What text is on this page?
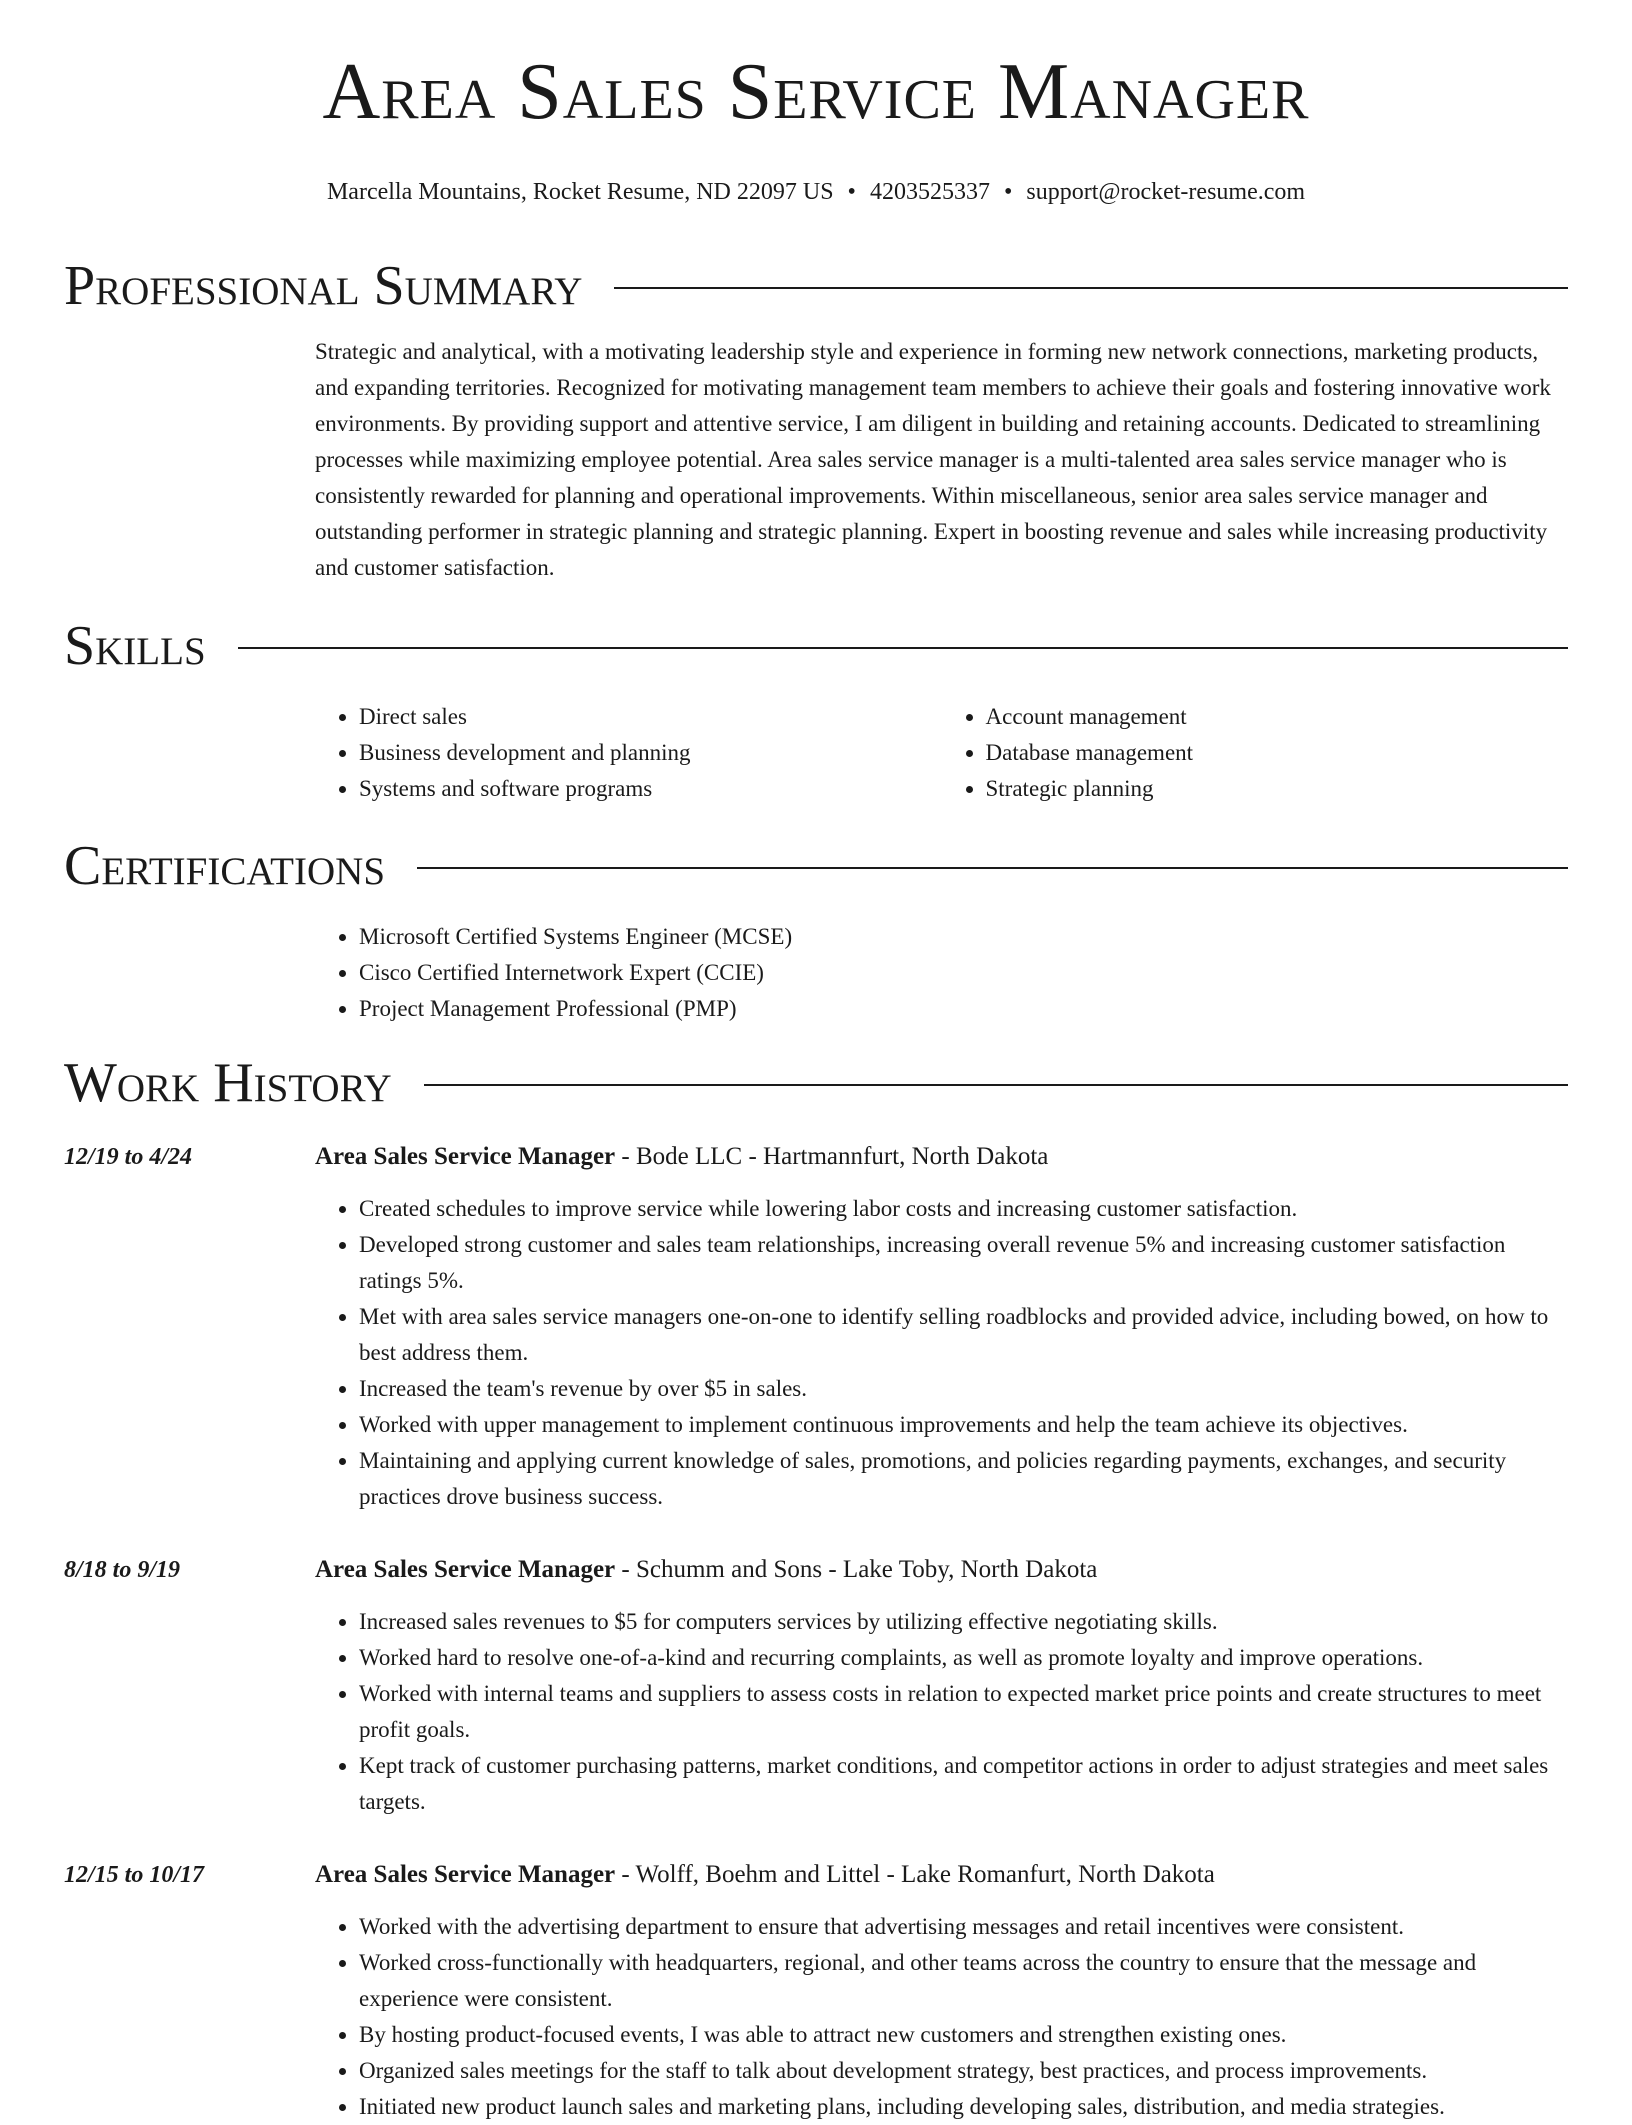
Area Sales Service Manager
Marcella Mountains, Rocket Resume, ND 22097 US • 4203525337 • support@rocket-resume.com
Professional Summary

Strategic and analytical, with a motivating leadership style and experience in forming new network connections, marketing products, and expanding territories. Recognized for motivating management team members to achieve their goals and fostering innovative work environments. By providing support and attentive service, I am diligent in building and retaining accounts. Dedicated to streamlining processes while maximizing employee potential. Area sales service manager is a multi-talented area sales service manager who is consistently rewarded for planning and operational improvements. Within miscellaneous, senior area sales service manager and outstanding performer in strategic planning and strategic planning. Expert in boosting revenue and sales while increasing productivity and customer satisfaction.

Skills
• Direct sales
• Business development and planning
• Systems and software programs
• Account management
• Database management
• Strategic planning
Certifications
• Microsoft Certified Systems Engineer (MCSE)
• Cisco Certified Internetwork Expert (CCIE)
• Project Management Professional (PMP)
Work History
12/19 to 4/24	Area Sales Service Manager - Bode LLC - Hartmannfurt, North Dakota
• Created schedules to improve service while lowering labor costs and increasing customer satisfaction.
• Developed strong customer and sales team relationships, increasing overall revenue 5% and increasing customer satisfaction ratings 5%.
• Met with area sales service managers one-on-one to identify selling roadblocks and provided advice, including bowed, on how to best address them.
• Increased the team's revenue by over $5 in sales.
• Worked with upper management to implement continuous improvements and help the team achieve its objectives.
• Maintaining and applying current knowledge of sales, promotions, and policies regarding payments, exchanges, and security practices drove business success.
8/18 to 9/19	Area Sales Service Manager - Schumm and Sons - Lake Toby, North Dakota
• Increased sales revenues to $5 for computers services by utilizing effective negotiating skills.
• Worked hard to resolve one-of-a-kind and recurring complaints, as well as promote loyalty and improve operations.
• Worked with internal teams and suppliers to assess costs in relation to expected market price points and create structures to meet profit goals.
• Kept track of customer purchasing patterns, market conditions, and competitor actions in order to adjust strategies and meet sales targets.
12/15 to 10/17	Area Sales Service Manager - Wolff, Boehm and Littel - Lake Romanfurt, North Dakota
• Worked with the advertising department to ensure that advertising messages and retail incentives were consistent.
• Worked cross-functionally with headquarters, regional, and other teams across the country to ensure that the message and experience were consistent.
• By hosting product-focused events, I was able to attract new customers and strengthen existing ones.
• Organized sales meetings for the staff to talk about development strategy, best practices, and process improvements.
• Initiated new product launch sales and marketing plans, including developing sales, distribution, and media strategies.
